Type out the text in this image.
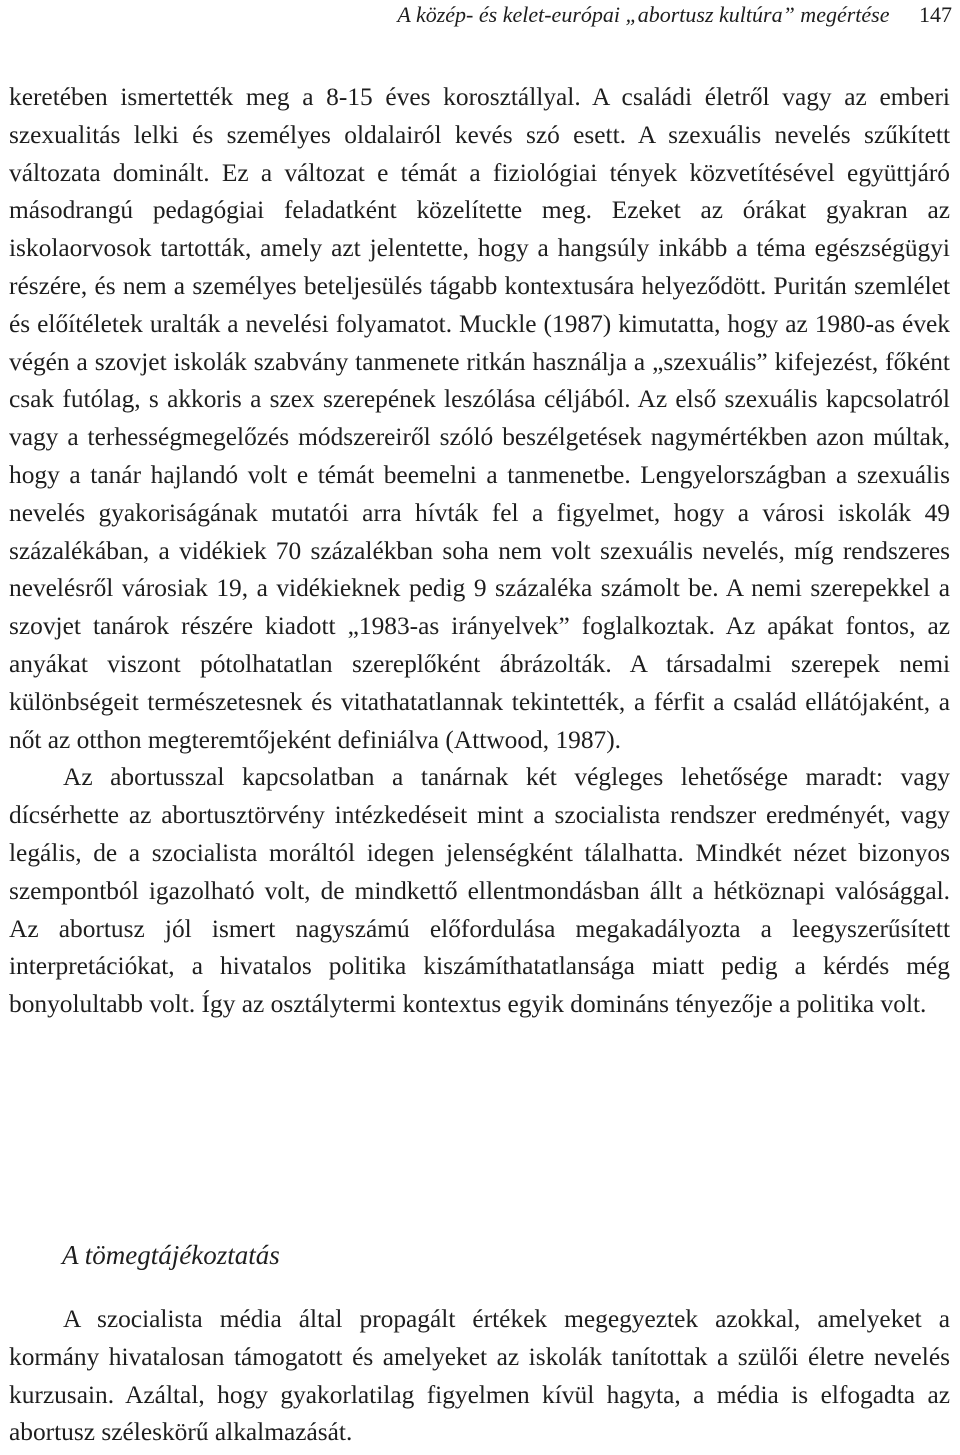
A közép- és kelet-európai „abortusz kultúra” megértése 147

keretében ismertették meg a 8-15 éves korosztállyal. A családi életről vagy az emberi szexualitás lelki és személyes oldalairól kevés szó esett. A szexuális nevelés szűkített változata dominált. Ez a változat e témát a fiziológiai tények közvetítésével együttjáró másodrangú pedagógiai feladatként közelítette meg. Ezeket az órákat gyakran az iskolaorvosok tartották, amely azt jelentette, hogy a hangsúly inkább a téma egészségügyi részére, és nem a személyes beteljesülés tágabb kontextusára helyeződött. Puritán szemlélet és előítéletek uralták a nevelési folyamatot. Muckle (1987) kimutatta, hogy az 1980-as évek végén a szovjet iskolák szabvány tanmenete ritkán használja a „szexuális” kifejezést, főként csak futólag, s akkoris a szex szerepének leszólása céljából. Az első szexuális kapcsolatról vagy a terhességmegelőzés módszereiről szóló beszélgetések nagymértékben azon múltak, hogy a tanár hajlandó volt e témát beemelni a tanmenetbe. Lengyelországban a szexuális nevelés gyakoriságának mutatói arra hívták fel a figyelmet, hogy a városi iskolák 49 százalékában, a vidékiek 70 százalékban soha nem volt szexuális nevelés, míg rendszeres nevelésről városiak 19, a vidékieknek pedig 9 százaléka számolt be. A nemi szerepekkel a szovjet tanárok részére kiadott „1983-as irányelvek” foglalkoztak. Az apákat fontos, az anyákat viszont pótolhatatlan szereplőként ábrázolták. A társadalmi szerepek nemi különbségeit természetesnek és vitathatatlannak tekintették, a férfit a család ellátójaként, a nőt az otthon megteremtőjeként definiálva (Attwood, 1987).

Az abortusszal kapcsolatban a tanárnak két végleges lehetősége maradt: vagy dícsérhette az abortusztörvény intézkedéseit mint a szocialista rendszer eredményét, vagy legális, de a szocialista moráltól idegen jelenségként tálalhatta. Mindkét nézet bizonyos szempontból igazolható volt, de mindkettő ellentmondásban állt a hétköznapi valósággal. Az abortusz jól ismert nagyszámú előfordulása megakadályozta a leegyszerűsített interpretációkat, a hivatalos politika kiszámíthatatlansága miatt pedig a kérdés még bonyolultabb volt. Így az osztálytermi kontextus egyik domináns tényezője a politika volt.

A tömegtájékoztatás

A szocialista média által propagált értékek megegyeztek azokkal, amelyeket a kormány hivatalosan támogatott és amelyeket az iskolák tanítottak a szülői életre nevelés kurzusain. Azáltal, hogy gyakorlatilag figyelmen kívül hagyta, a média is elfogadta az abortusz széleskörű alkalmazását.
